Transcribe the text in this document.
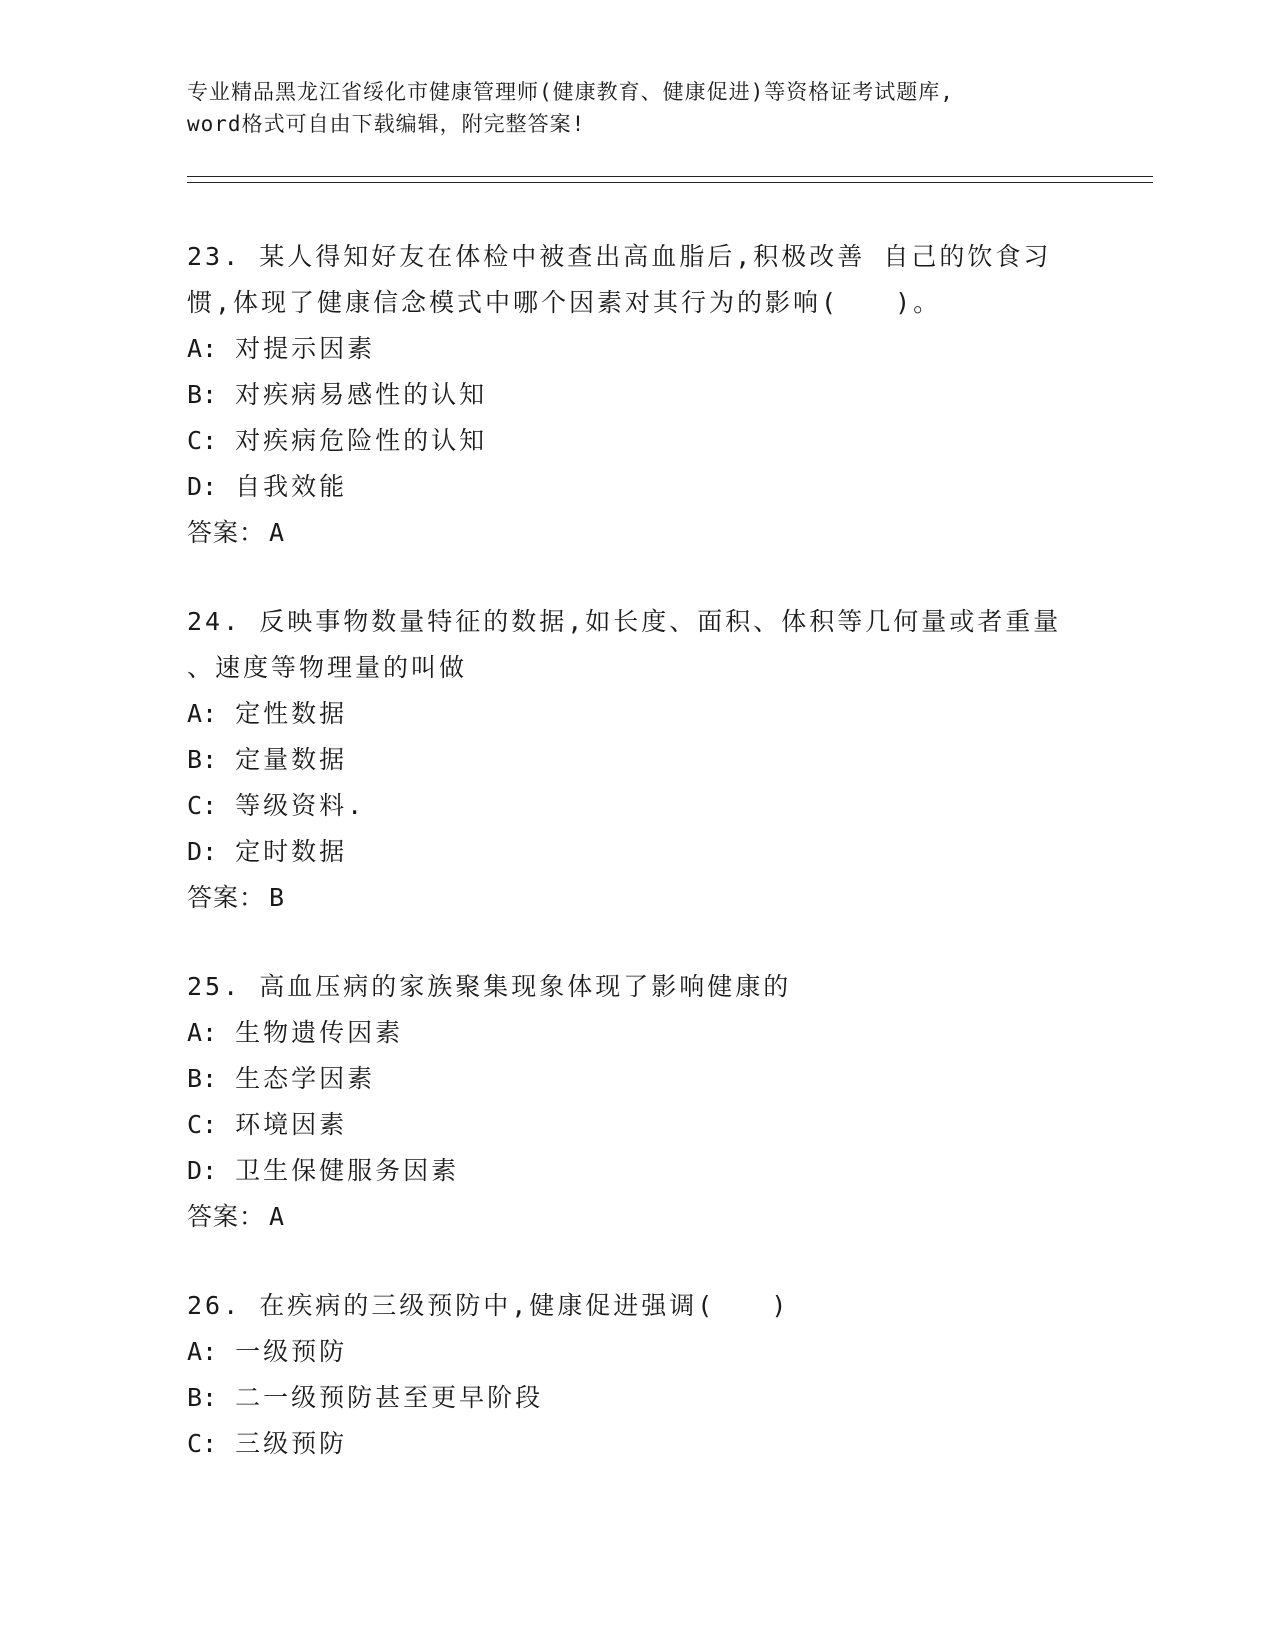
专业精品黑龙江省绥化市健康管理师(健康教育、健康促进)等资格证考试题库,
word格式可自由下载编辑，附完整答案!

23. 某人得知好友在体检中被查出高血脂后,积极改善 自己的饮食习

惯,体现了健康信念模式中哪个因素对其行为的影响(　　)。

A: 对提示因素

B: 对疾病易感性的认知

C: 对疾病危险性的认知

D: 自我效能

答案： A

24. 反映事物数量特征的数据,如长度、面积、体积等几何量或者重量

、速度等物理量的叫做

A: 定性数据

B: 定量数据

C: 等级资料.

D: 定时数据

答案： B

25. 高血压病的家族聚集现象体现了影响健康的

A: 生物遗传因素

B: 生态学因素

C: 环境因素

D: 卫生保健服务因素

答案： A

26. 在疾病的三级预防中,健康促进强调(　　)

A: 一级预防

B: 二一级预防甚至更早阶段

C: 三级预防
